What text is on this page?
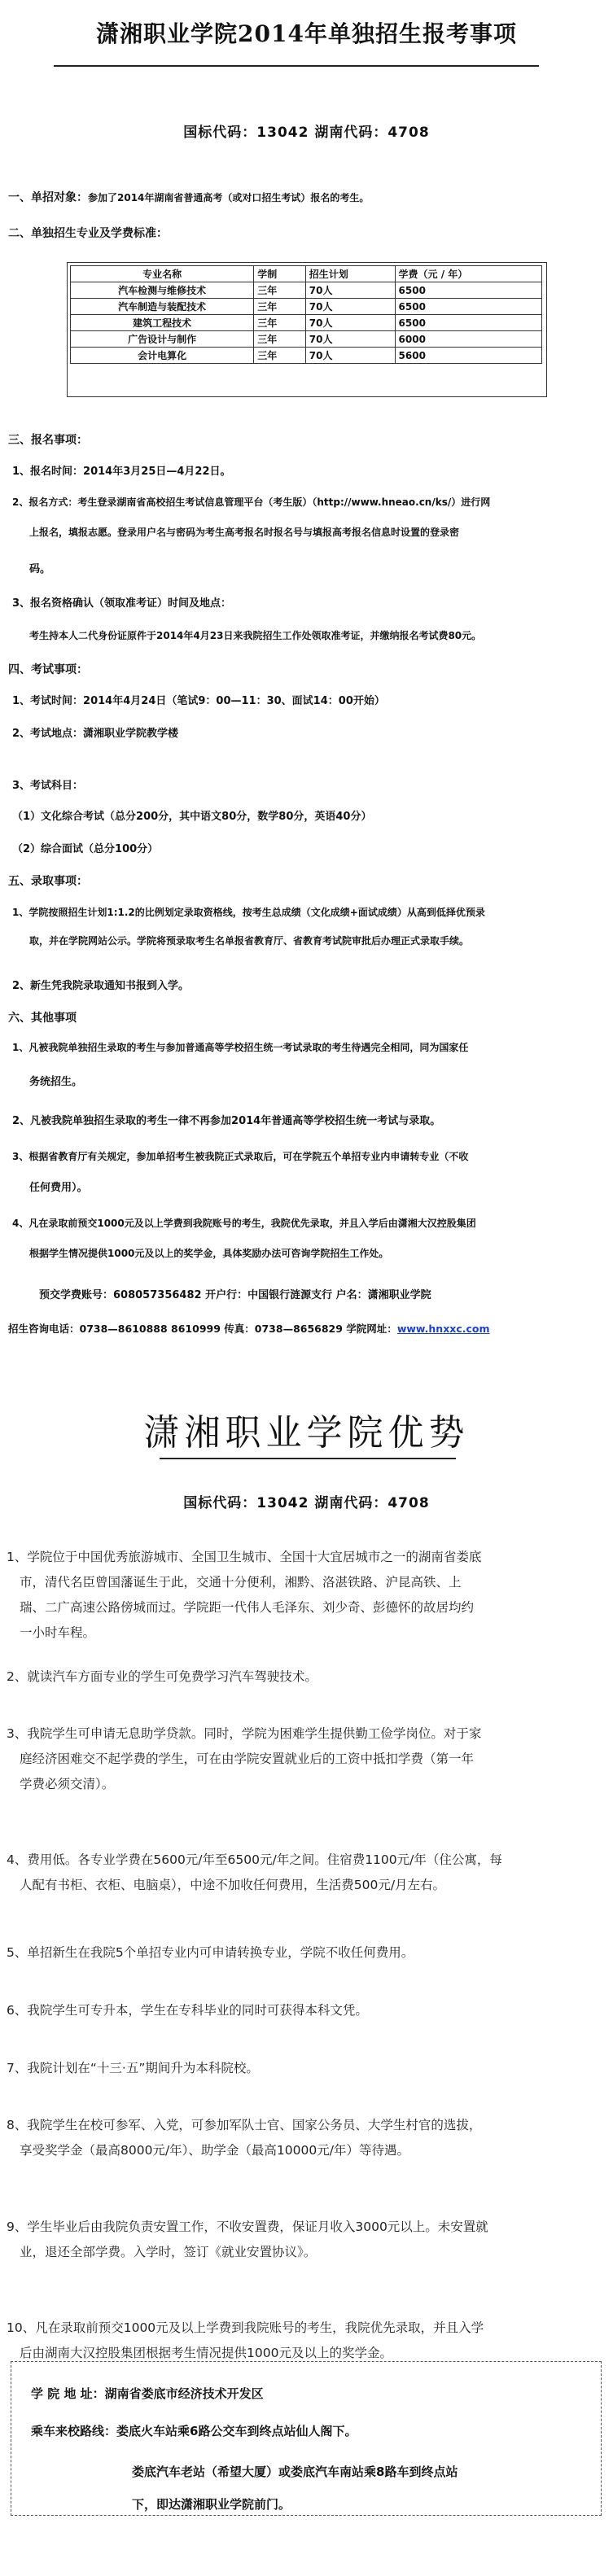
潇湘职业学院2014年单独招生报考事项
国标代码：13042 湖南代码：4708
一、单招对象：参加了2014年湖南省普通高考（或对口招生考试）报名的考生。
二、单独招生专业及学费标准：
专业名称	学制	招生计划	学费（元 / 年）
汽车检测与维修技术	三年	70人	6500
汽车制造与装配技术	三年	70人	6500
建筑工程技术	三年	70人	6500
广告设计与制作	三年	70人	6000
会计电算化	三年	70人	5600
三、报名事项：
1、报名时间：2014年3月25日—4月22日。
2、报名方式：考生登录湖南省高校招生考试信息管理平台（考生版）（http://www.hneao.cn/ks/）进行网
上报名，填报志愿。登录用户名与密码为考生高考报名时报名号与填报高考报名信息时设置的登录密
码。
3、报名资格确认（领取准考证）时间及地点：
考生持本人二代身份证原件于2014年4月23日来我院招生工作处领取准考证，并缴纳报名考试费80元。
四、考试事项：
1、考试时间：2014年4月24日（笔试9：00—11：30、面试14：00开始）
2、考试地点：潇湘职业学院教学楼
3、考试科目：
（1）文化综合考试（总分200分，其中语文80分，数学80分，英语40分）
（2）综合面试（总分100分）
五、录取事项：
1、学院按照招生计划1:1.2的比例划定录取资格线，按考生总成绩（文化成绩+面试成绩）从高到低择优预录
取，并在学院网站公示。学院将预录取考生名单报省教育厅、省教育考试院审批后办理正式录取手续。
2、新生凭我院录取通知书报到入学。
六、其他事项
1、凡被我院单独招生录取的考生与参加普通高等学校招生统一考试录取的考生待遇完全相同，同为国家任
务统招生。
2、凡被我院单独招生录取的考生一律不再参加2014年普通高等学校招生统一考试与录取。
3、根据省教育厅有关规定，参加单招考生被我院正式录取后，可在学院五个单招专业内申请转专业（不收
任何费用）。
4、凡在录取前预交1000元及以上学费到我院账号的考生，我院优先录取，并且入学后由潇湘大汉控股集团
根据学生情况提供1000元及以上的奖学金，具体奖励办法可咨询学院招生工作处。
预交学费账号：608057356482 开户行：中国银行涟源支行 户名：潇湘职业学院
招生咨询电话：0738—8610888 8610999 传真：0738—8656829 学院网址：www.hnxxc.com
潇湘职业学院优势
国标代码：13042 湖南代码：4708
1、学院位于中国优秀旅游城市、全国卫生城市、全国十大宜居城市之一的湖南省娄底
市，清代名臣曾国藩诞生于此，交通十分便利，湘黔、洛湛铁路、沪昆高铁、上
瑞、二广高速公路傍城而过。学院距一代伟人毛泽东、刘少奇、彭德怀的故居均约
一小时车程。
2、就读汽车方面专业的学生可免费学习汽车驾驶技术。
3、我院学生可申请无息助学贷款。同时，学院为困难学生提供勤工俭学岗位。对于家
庭经济困难交不起学费的学生，可在由学院安置就业后的工资中抵扣学费（第一年
学费必须交清）。
4、费用低。各专业学费在5600元/年至6500元/年之间。住宿费1100元/年（住公寓，每
人配有书柜、衣柜、电脑桌），中途不加收任何费用，生活费500元/月左右。
5、单招新生在我院5个单招专业内可申请转换专业，学院不收任何费用。
6、我院学生可专升本，学生在专科毕业的同时可获得本科文凭。
7、我院计划在“十三·五”期间升为本科院校。
8、我院学生在校可参军、入党，可参加军队士官、国家公务员、大学生村官的选拔，
享受奖学金（最高8000元/年）、助学金（最高10000元/年）等待遇。
9、学生毕业后由我院负责安置工作，不收安置费，保证月收入3000元以上。未安置就
业，退还全部学费。入学时，签订《就业安置协议》。
10、凡在录取前预交1000元及以上学费到我院账号的考生，我院优先录取，并且入学
后由湖南大汉控股集团根据考生情况提供1000元及以上的奖学金。
学 院 地 址：湖南省娄底市经济技术开发区
乘车来校路线：娄底火车站乘6路公交车到终点站仙人阁下。
娄底汽车老站（希望大厦）或娄底汽车南站乘8路车到终点站
下，即达潇湘职业学院前门。
